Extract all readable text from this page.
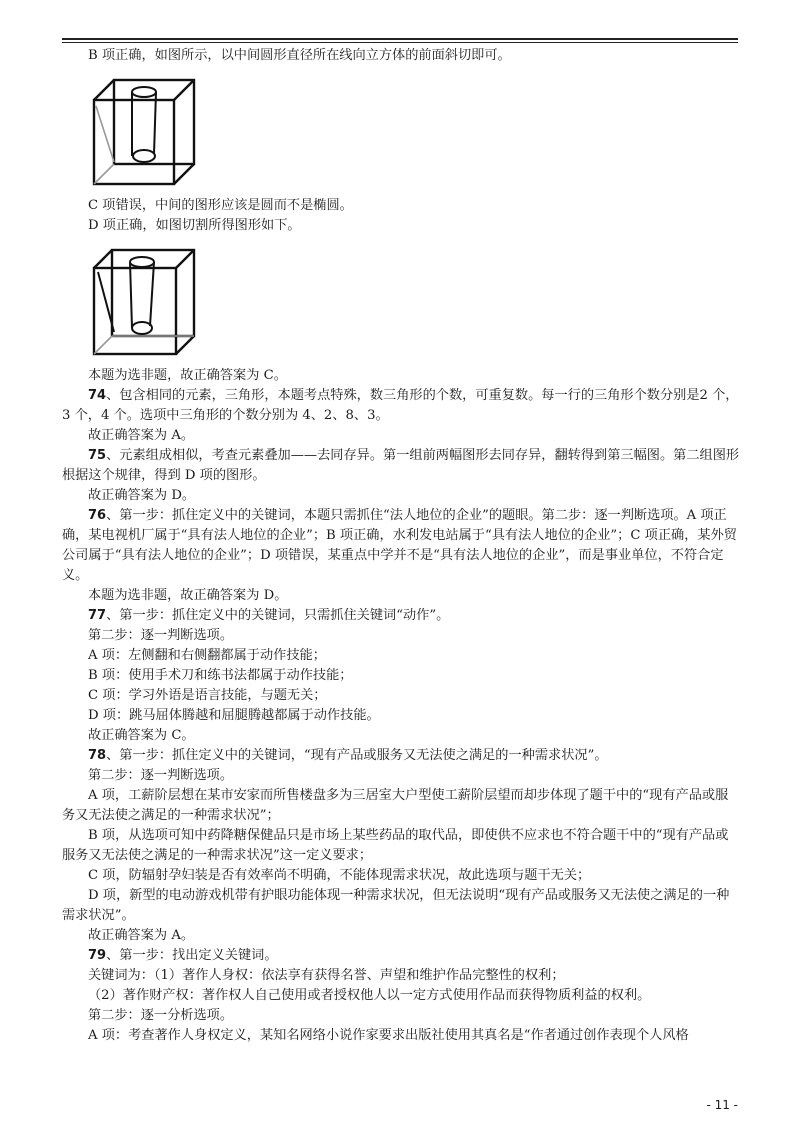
B 项正确，如图所示，以中间圆形直径所在线向立方体的前面斜切即可。

C 项错误，中间的图形应该是圆而不是椭圆。

D 项正确，如图切割所得图形如下。

本题为选非题，故正确答案为 C。

74、包含相同的元素，三角形，本题考点特殊，数三角形的个数，可重复数。每一行的三角形个数分别是2 个，3 个，4 个。选项中三角形的个数分别为 4、2、8、3。

故正确答案为 A。

75、元素组成相似，考查元素叠加——去同存异。第一组前两幅图形去同存异，翻转得到第三幅图。第二组图形根据这个规律，得到 D 项的图形。

故正确答案为 D。

76、第一步：抓住定义中的关键词，本题只需抓住“法人地位的企业”的题眼。第二步：逐一判断选项。A 项正确，某电视机厂属于“具有法人地位的企业”；B 项正确，水利发电站属于“具有法人地位的企业”；C 项正确，某外贸公司属于“具有法人地位的企业”；D 项错误，某重点中学并不是“具有法人地位的企业”，而是事业单位，不符合定义。

本题为选非题，故正确答案为 D。

77、第一步：抓住定义中的关键词，只需抓住关键词“动作”。

第二步：逐一判断选项。

A 项：左侧翻和右侧翻都属于动作技能；

B 项：使用手术刀和练书法都属于动作技能；

C 项：学习外语是语言技能，与题无关；

D 项：跳马屈体腾越和屈腿腾越都属于动作技能。

故正确答案为 C。

78、第一步：抓住定义中的关键词，“现有产品或服务又无法使之满足的一种需求状况”。

第二步：逐一判断选项。

A 项，工薪阶层想在某市安家而所售楼盘多为三居室大户型使工薪阶层望而却步体现了题干中的“现有产品或服务又无法使之满足的一种需求状况”；

B 项，从选项可知中药降糖保健品只是市场上某些药品的取代品，即使供不应求也不符合题干中的“现有产品或服务又无法使之满足的一种需求状况”这一定义要求；

C 项，防辐射孕妇装是否有效率尚不明确，不能体现需求状况，故此选项与题干无关；

D 项，新型的电动游戏机带有护眼功能体现一种需求状况，但无法说明“现有产品或服务又无法使之满足的一种需求状况”。

故正确答案为 A。

79、第一步：找出定义关键词。

关键词为：（1）著作人身权：依法享有获得名誉、声望和维护作品完整性的权利；

（2）著作财产权：著作权人自己使用或者授权他人以一定方式使用作品而获得物质利益的权利。

第二步：逐一分析选项。

A 项：考查著作人身权定义，某知名网络小说作家要求出版社使用其真名是“作者通过创作表现个人风格

- 11 -
